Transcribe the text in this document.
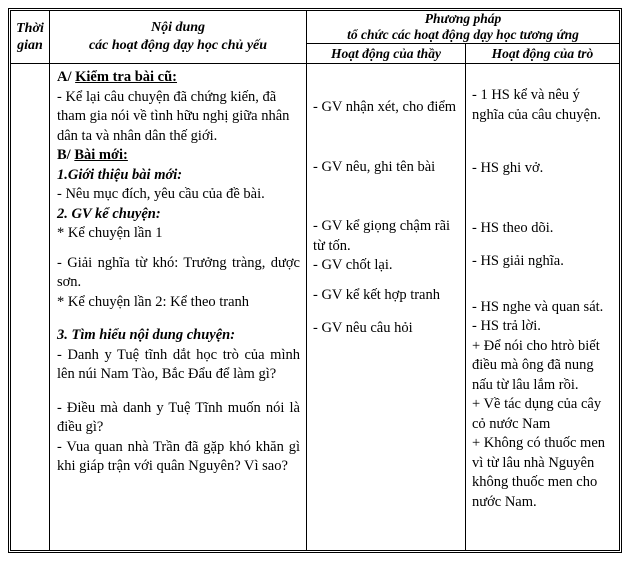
Thời
gian
Nội dung
các hoạt động dạy học chủ yếu
Phương pháp
tổ chức các hoạt động dạy học tương ứng
Hoạt động của thầy	Hoạt động của trò

A/ Kiểm tra bài cũ:

- Kể lại câu chuyện đã chứng kiến, đã tham gia nói về tình hữu nghị giữa nhân dân ta và nhân dân thế giới.

B/ Bài mới:

1.Giới thiệu bài mới:

- Nêu mục đích, yêu cầu của đề bài.

2. GV kể chuyện:

* Kể chuyện lần 1

- Giải nghĩa từ khó: Trưởng tràng, dược sơn.

* Kể chuyện lần 2: Kể theo tranh

3. Tìm hiểu nội dung chuyện:

- Danh y Tuệ tĩnh dắt học trò của mình lên núi Nam Tào, Bắc Đẩu để làm gì?

- Điều mà danh y Tuệ Tĩnh muốn nói là điều gì?

- Vua quan nhà Trần đã gặp khó khăn gì khi giáp trận với quân Nguyên? Vì sao?

- GV nhận xét, cho điểm

- GV nêu, ghi tên bài

- GV kể giọng chậm rãi từ tốn.

- GV chốt lại.

- GV kể kết hợp tranh

- GV nêu câu hỏi

- 1 HS kể và nêu ý nghĩa của câu chuyện.

- HS ghi vở.

- HS theo dõi.

- HS giải nghĩa.

- HS nghe và quan sát.

- HS trả lời.

+ Để nói cho htrò biết điều mà ông đã nung nấu từ lâu lắm rồi.

+ Về tác dụng của cây cỏ nước Nam

+ Không có thuốc men vì từ lâu nhà Nguyên không thuốc men cho nước Nam.
